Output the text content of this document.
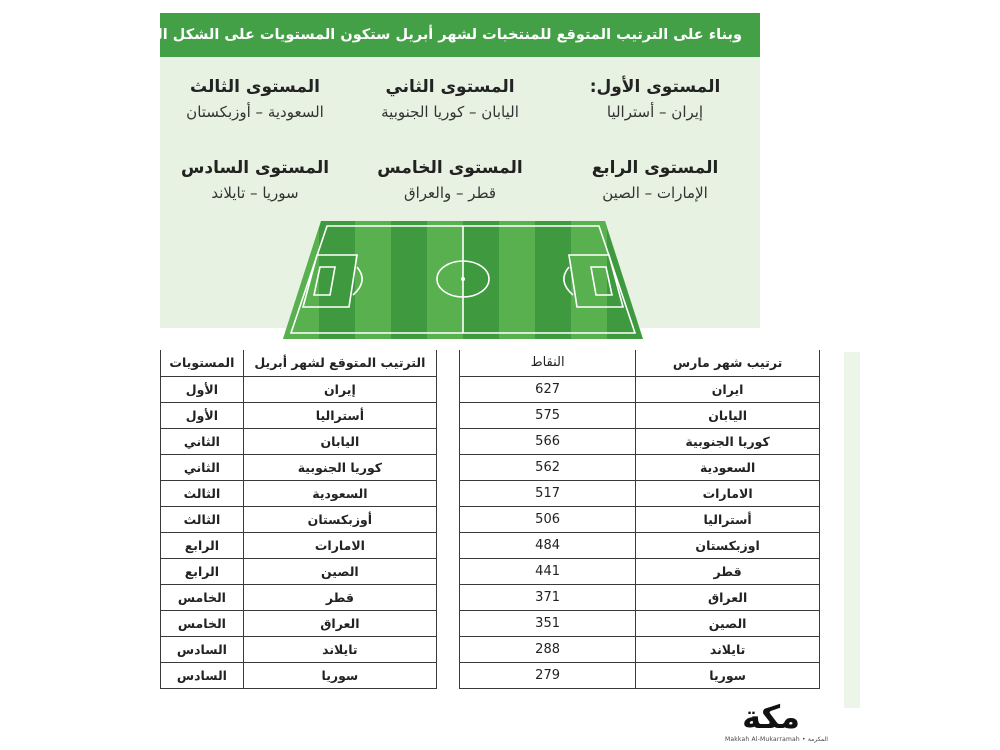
وبناء على الترتيب المتوقع للمنتخبات لشهر أبريل ستكون المستويات على الشكل التالي:
المستوى الأول:
إيران – أستراليا
المستوى الثاني
اليابان – كوريا الجنوبية
المستوى الثالث
السعودية – أوزبكستان
المستوى الرابع
الإمارات – الصين
المستوى الخامس
قطر – والعراق
المستوى السادس
سوريا – تايلاند
المستويات	الترتيب المتوقع لشهر أبريل		النقاط	ترتيب شهر مارس
الأول	إيران		627	ايران
الأول	أستراليا		575	اليابان
الثاني	اليابان		566	كوريا الجنوبية
الثاني	كوريا الجنوبية		562	السعودية
الثالث	السعودية		517	الامارات
الثالث	أوزبكستان		506	أستراليا
الرابع	الامارات		484	اوزبكستان
الرابع	الصين		441	قطر
الخامس	قطر		371	العراق
الخامس	العراق		351	الصين
السادس	تايلاند		288	تايلاند
السادس	سوريا		279	سوريا
مكة
Makkah Al-Mukarramah • المكرمة
